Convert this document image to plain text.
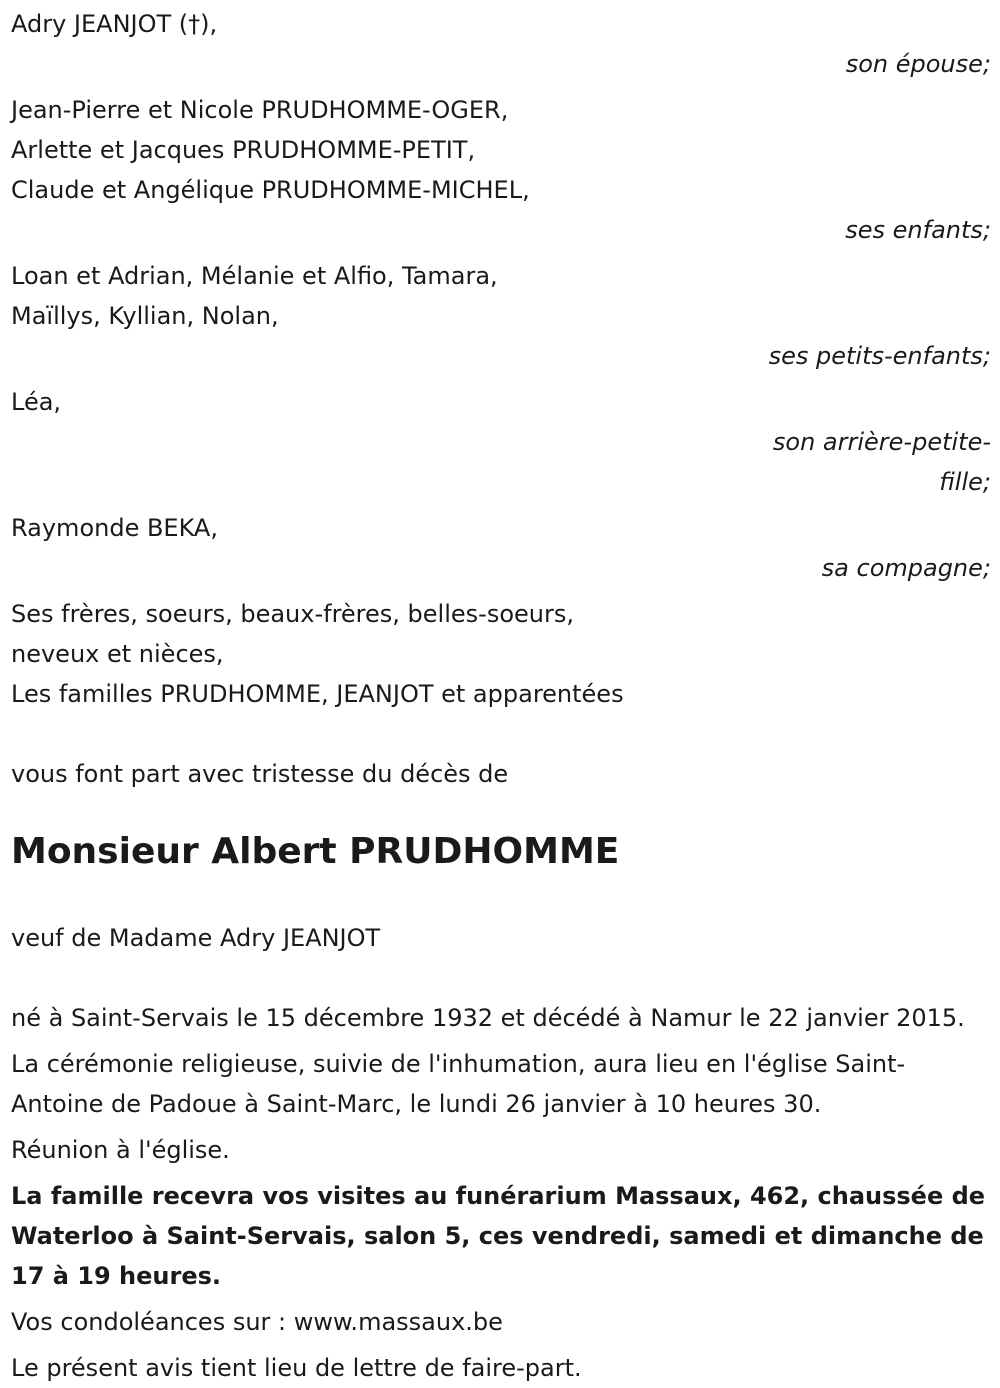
Adry JEANJOT (†),
son épouse;
Jean-Pierre et Nicole PRUDHOMME-OGER,
Arlette et Jacques PRUDHOMME-PETIT,
Claude et Angélique PRUDHOMME-MICHEL,
ses enfants;
Loan et Adrian, Mélanie et Alfio, Tamara,
Maïllys, Kyllian, Nolan,
ses petits-enfants;
Léa,
son arrière-petite-fille;
Raymonde BEKA,
sa compagne;
Ses frères, soeurs, beaux-frères, belles-soeurs,
neveux et nièces,
Les familles PRUDHOMME, JEANJOT et apparentées
vous font part avec tristesse du décès de
Monsieur Albert PRUDHOMME
veuf de Madame Adry JEANJOT
né à Saint-Servais le 15 décembre 1932 et décédé à Namur le 22 janvier 2015.
La cérémonie religieuse, suivie de l'inhumation, aura lieu en l'église Saint-Antoine de Padoue à Saint-Marc, le lundi 26 janvier à 10 heures 30.
Réunion à l'église.
La famille recevra vos visites au funérarium Massaux, 462, chaussée de Waterloo à Saint-Servais, salon 5, ces vendredi, samedi et dimanche de 17 à 19 heures.
Vos condoléances sur : www.massaux.be
Le présent avis tient lieu de lettre de faire-part.
